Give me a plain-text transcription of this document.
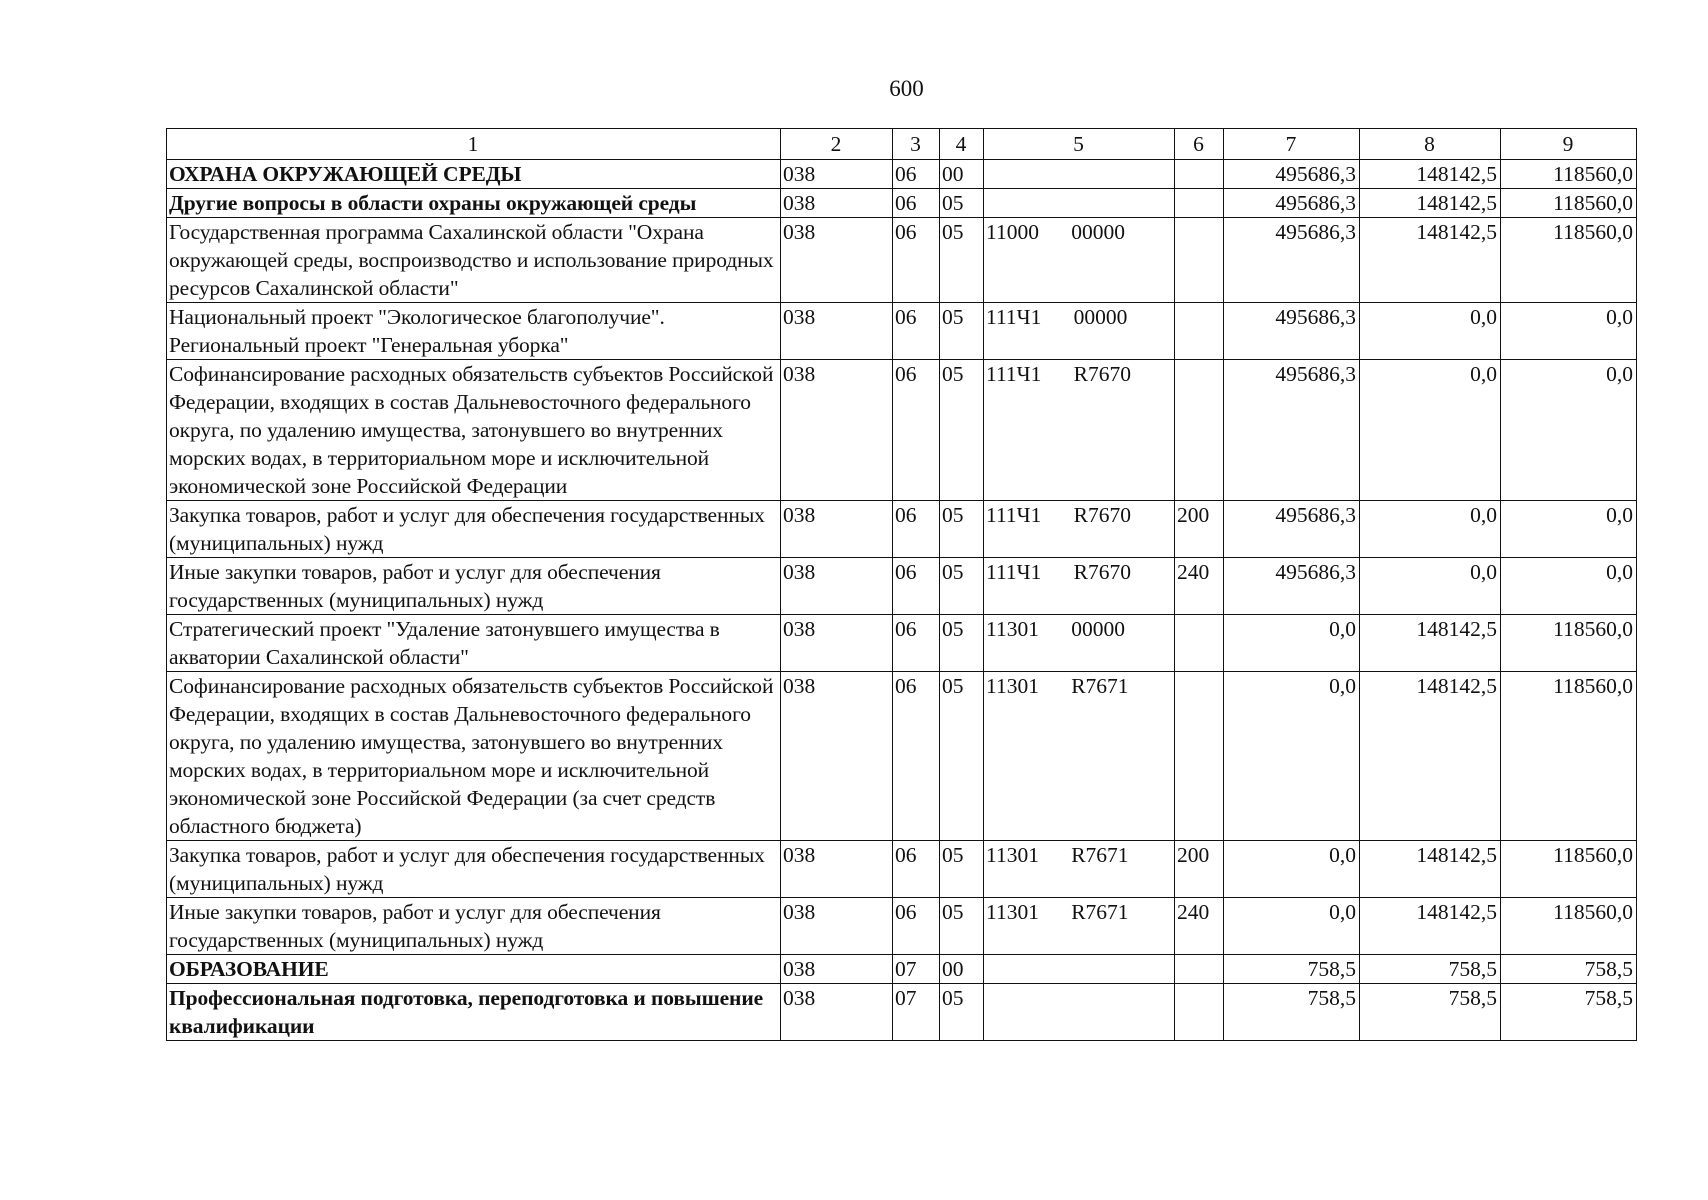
600
1	2	3	4	5	6	7	8	9
ОХРАНА ОКРУЖАЮЩЕЙ СРЕДЫ	038	06	00			495686,3	148142,5	118560,0
Другие вопросы в области охраны окружающей среды	038	06	05			495686,3	148142,5	118560,0
Государственная программа Сахалинской области "Охрана окружающей среды, воспроизводство и использование природных ресурсов Сахалинской области"	038	06	05	11000      00000		495686,3	148142,5	118560,0
Национальный проект "Экологическое благополучие". Региональный проект "Генеральная уборка"	038	06	05	111Ч1      00000		495686,3	0,0	0,0
Софинансирование расходных обязательств субъектов Российской Федерации, входящих в состав Дальневосточного федерального округа, по удалению имущества, затонувшего во внутренних морских водах, в территориальном море и исключительной экономической зоне Российской Федерации	038	06	05	111Ч1      R7670		495686,3	0,0	0,0
Закупка товаров, работ и услуг для обеспечения государственных (муниципальных) нужд	038	06	05	111Ч1      R7670	200	495686,3	0,0	0,0
Иные закупки товаров, работ и услуг для обеспечения государственных (муниципальных) нужд	038	06	05	111Ч1      R7670	240	495686,3	0,0	0,0
Стратегический проект "Удаление затонувшего имущества в акватории Сахалинской области"	038	06	05	11301      00000		0,0	148142,5	118560,0
Софинансирование расходных обязательств субъектов Российской Федерации, входящих в состав Дальневосточного федерального округа, по удалению имущества, затонувшего во внутренних морских водах, в территориальном море и исключительной экономической зоне Российской Федерации (за счет средств областного бюджета)	038	06	05	11301      R7671		0,0	148142,5	118560,0
Закупка товаров, работ и услуг для обеспечения государственных (муниципальных) нужд	038	06	05	11301      R7671	200	0,0	148142,5	118560,0
Иные закупки товаров, работ и услуг для обеспечения государственных (муниципальных) нужд	038	06	05	11301      R7671	240	0,0	148142,5	118560,0
ОБРАЗОВАНИЕ	038	07	00			758,5	758,5	758,5
Профессиональная подготовка, переподготовка и повышение квалификации	038	07	05			758,5	758,5	758,5
